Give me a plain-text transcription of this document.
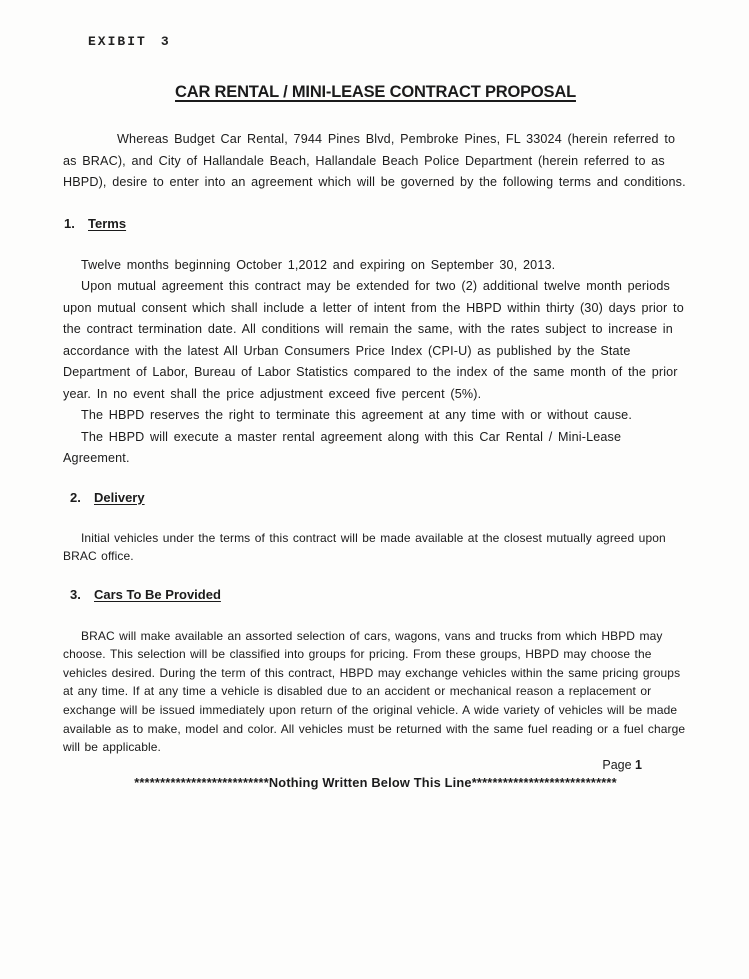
EXIBIT 3
CAR RENTAL / MINI-LEASE CONTRACT PROPOSAL

Whereas Budget Car Rental, 7944 Pines Blvd, Pembroke Pines, FL 33024 (herein referred to as BRAC), and City of Hallandale Beach, Hallandale Beach Police Department (herein referred to as HBPD), desire to enter into an agreement which will be governed by the following terms and conditions.

1.	Terms

Twelve months beginning October 1,2012 and expiring on September 30, 2013.

Upon mutual agreement this contract may be extended for two (2) additional twelve month periods upon mutual consent which shall include a letter of intent from the HBPD within thirty (30) days prior to the contract termination date. All conditions will remain the same, with the rates subject to increase in accordance with the latest All Urban Consumers Price Index (CPI-U) as published by the State Department of Labor, Bureau of Labor Statistics compared to the index of the same month of the prior year. In no event shall the price adjustment exceed five percent (5%).

The HBPD reserves the right to terminate this agreement at any time with or without cause.

The HBPD will execute a master rental agreement along with this Car Rental / Mini-Lease Agreement.

2.	Delivery

Initial vehicles under the terms of this contract will be made available at the closest mutually agreed upon BRAC office.

3.	Cars To Be Provided

BRAC will make available an assorted selection of cars, wagons, vans and trucks from which HBPD may choose. This selection will be classified into groups for pricing. From these groups, HBPD may choose the vehicles desired. During the term of this contract, HBPD may exchange vehicles within the same pricing groups at any time. If at any time a vehicle is disabled due to an accident or mechanical reason a replacement or exchange will be issued immediately upon return of the original vehicle. A wide variety of vehicles will be made available as to make, model and color. All vehicles must be returned with the same fuel reading or a fuel charge will be applicable.

Page 1
**************************Nothing Written Below This Line****************************
